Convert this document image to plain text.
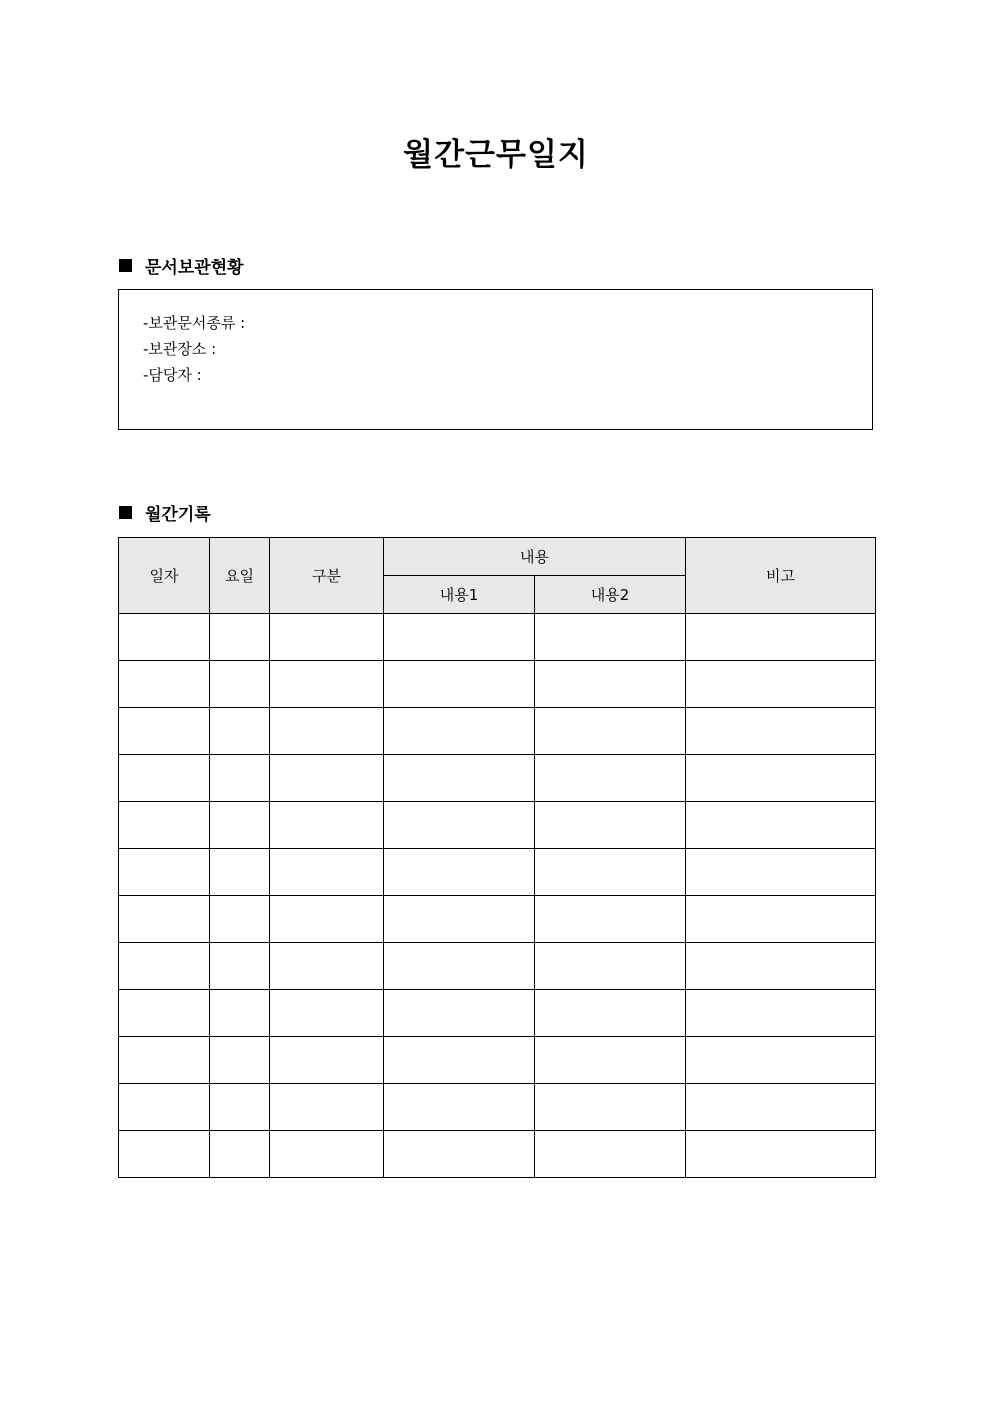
월간근무일지
문서보관현황
-보관문서종류 :
-보관장소 :
-담당자 :
월간기록
일자	요일	구분	내용		비고
			내용1	내용2	
